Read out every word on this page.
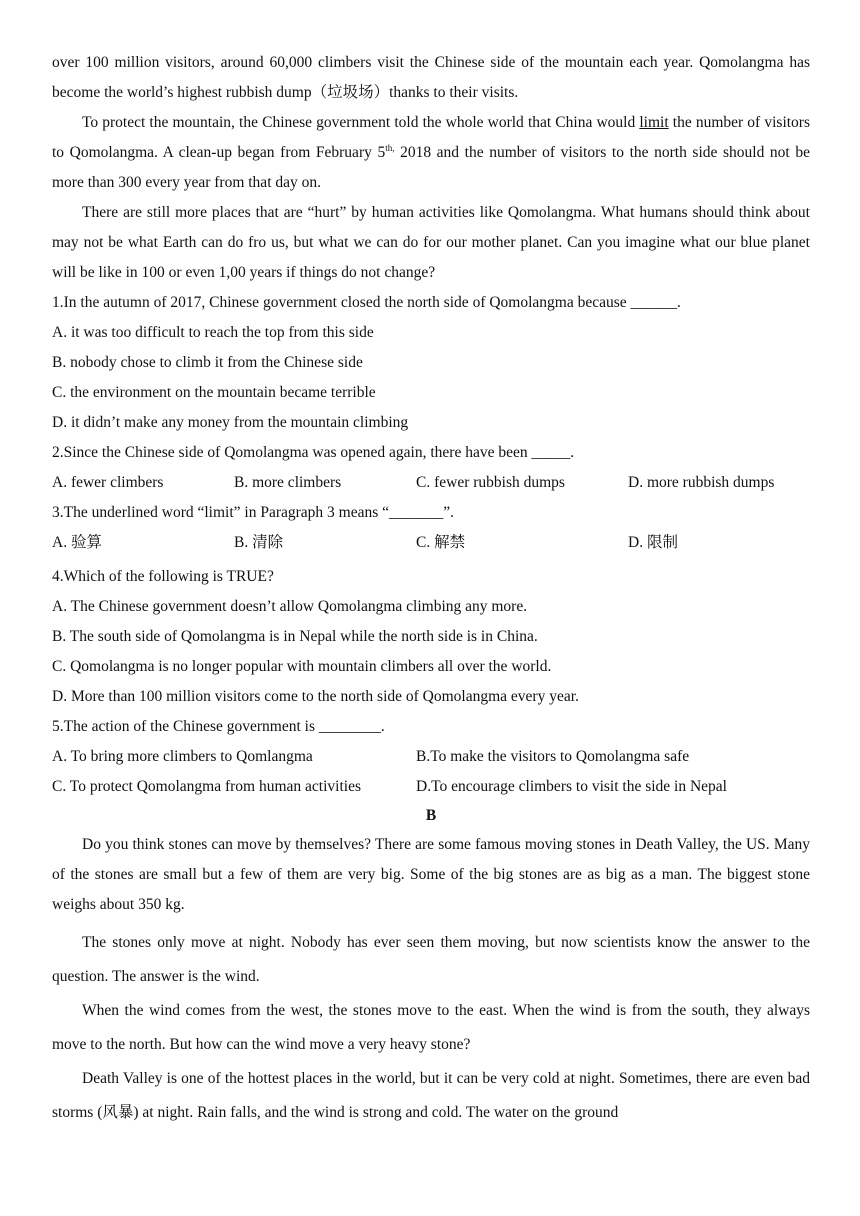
over 100 million visitors, around 60,000 climbers visit the Chinese side of the mountain each year. Qomolangma has become the world’s highest rubbish dump（垃圾场）thanks to their visits.

To protect the mountain, the Chinese government told the whole world that China would limit the number of visitors to Qomolangma. A clean-up began from February $5^{th,}$ 2018 and the number of visitors to the north side should not be more than 300 every year from that day on.

There are still more places that are “hurt” by human activities like Qomolangma. What humans should think about may not be what Earth can do fro us, but what we can do for our mother planet. Can you imagine what our blue planet will be like in 100 or even 1,00 years if things do not change?

1.In the autumn of 2017, Chinese government closed the north side of Qomolangma because ______.

A. it was too difficult to reach the top from this side

B. nobody chose to climb it from the Chinese side

C. the environment on the mountain became terrible

D. it didn’t make any money from the mountain climbing

2.Since the Chinese side of Qomolangma was opened again, there have been _____.

A. fewer climbers	B. more climbers	C. fewer rubbish dumps	D. more rubbish dumps

3.The underlined word “limit” in Paragraph 3 means “_______”.

A. 验算	B. 清除	C. 解禁	D. 限制

4.Which of the following is TRUE?

A. The Chinese government doesn’t allow Qomolangma climbing any more.

B. The south side of Qomolangma is in Nepal while the north side is in China.

C. Qomolangma is no longer popular with mountain climbers all over the world.

D. More than 100 million visitors come to the north side of Qomolangma every year.

5.The action of the Chinese government is ________.

A. To bring more climbers to Qomlangma	B.To make the visitors to Qomolangma safe
C. To protect Qomolangma from human activities	D.To encourage climbers to visit the side in Nepal

B

Do you think stones can move by themselves? There are some famous moving stones in Death Valley, the US. Many of the stones are small but a few of them are very big. Some of the big stones are as big as a man. The biggest stone weighs about 350 kg.

The stones only move at night. Nobody has ever seen them moving, but now scientists know the answer to the question. The answer is the wind.

When the wind comes from the west, the stones move to the east. When the wind is from the south, they always move to the north. But how can the wind move a very heavy stone?

Death Valley is one of the hottest places in the world, but it can be very cold at night. Sometimes, there are even bad storms (风暴) at night. Rain falls, and the wind is strong and cold. The water on the ground
